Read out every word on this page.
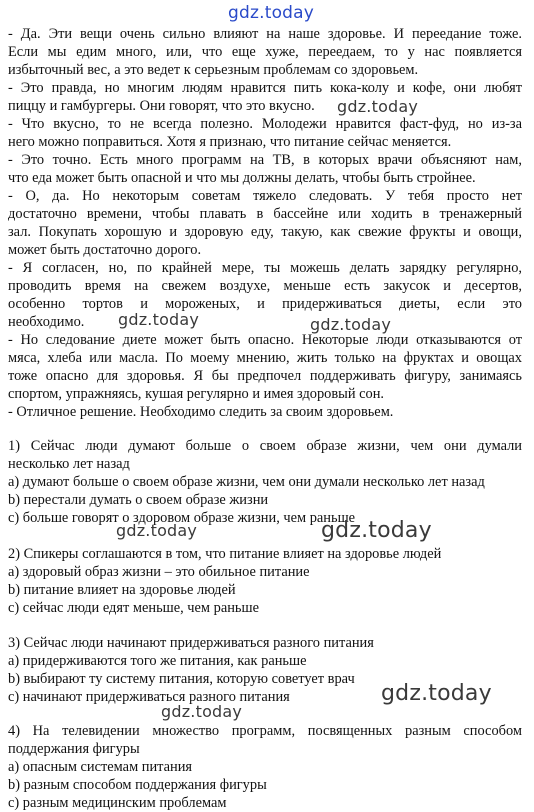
gdz.today
- Да. Эти вещи очень сильно влияют на наше здоровье. И переедание тоже.
Если мы едим много, или, что еще хуже, переедаем, то у нас появляется
избыточный вес, а это ведет к серьезным проблемам со здоровьем.
- Это правда, но многим людям нравится пить кока-колу и кофе, они любят
пиццу и гамбургеры. Они говорят, что это вкусно.
- Что вкусно, то не всегда полезно. Молодежи нравится фаст-фуд, но из-за
него можно поправиться. Хотя я признаю, что питание сейчас меняется.
- Это точно. Есть много программ на ТВ, в которых врачи объясняют нам,
что еда может быть опасной и что мы должны делать, чтобы быть стройнее.
- О, да. Но некоторым советам тяжело следовать. У тебя просто нет
достаточно времени, чтобы плавать в бассейне или ходить в тренажерный
зал. Покупать хорошую и здоровую еду, такую, как свежие фрукты и овощи,
может быть достаточно дорого.
- Я согласен, но, по крайней мере, ты можешь делать зарядку регулярно,
проводить время на свежем воздухе, меньше есть закусок и десертов,
особенно тортов и мороженых, и придерживаться диеты, если это
необходимо.
- Но следование диете может быть опасно. Некоторые люди отказываются от
мяса, хлеба или масла. По моему мнению, жить только на фруктах и овощах
тоже опасно для здоровья. Я бы предпочел поддерживать фигуру, занимаясь
спортом, упражняясь, кушая регулярно и имея здоровый сон.
- Отличное решение. Необходимо следить за своим здоровьем.
1) Сейчас люди думают больше о своем образе жизни, чем они думали
несколько лет назад
a) думают больше о своем образе жизни, чем они думали несколько лет назад
b) перестали думать о своем образе жизни
c) больше говорят о здоровом образе жизни, чем раньше
2) Спикеры соглашаются в том, что питание влияет на здоровье людей
a) здоровый образ жизни – это обильное питание
b) питание влияет на здоровье людей
c) сейчас люди едят меньше, чем раньше
3) Сейчас люди начинают придерживаться разного питания
a) придерживаются того же питания, как раньше
b) выбирают ту систему питания, которую советует врач
c) начинают придерживаться разного питания
4) На телевидении множество программ, посвященных разным способом
поддержания фигуры
a) опасным системам питания
b) разным способом поддержания фигуры
c) разным медицинским проблемам
gdz.today
gdz.today	gdz.today
gdz.today	gdz.today
gdz.today
gdz.today
